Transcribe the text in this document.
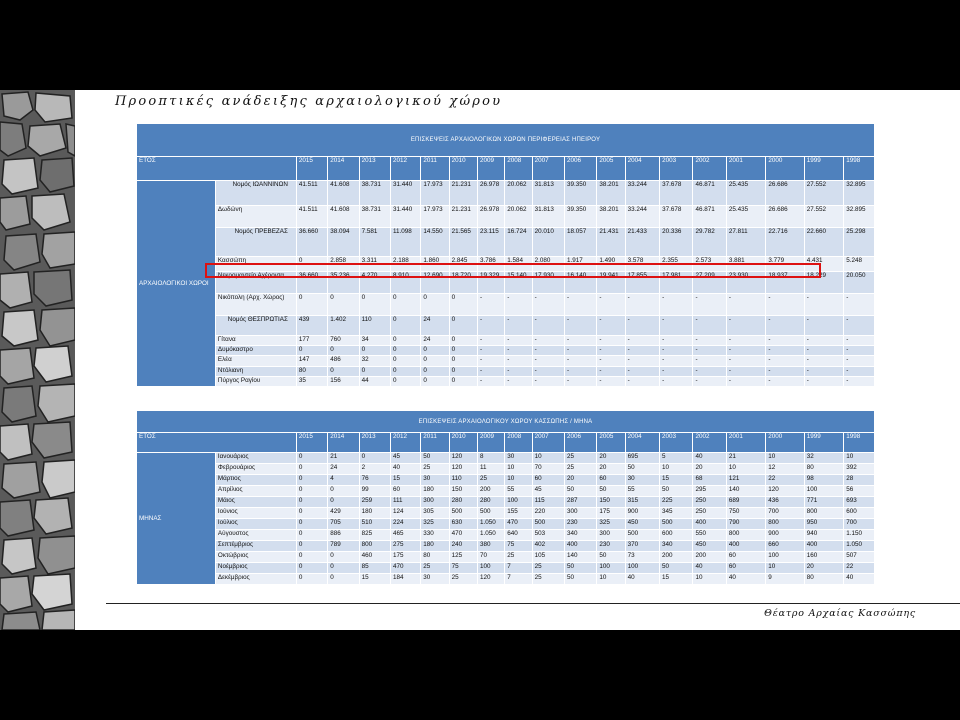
Προοπτικές ανάδειξης αρχαιολογικού χώρου
ΕΠΙΣΚΕΨΕΙΣ ΑΡΧΑΙΟΛΟΓΙΚΩΝ ΧΩΡΩΝ ΠΕΡΙΦΕΡΕΙΑΣ ΗΠΕΙΡΟΥ																			
ΕΤΟΣ		2015	2014	2013	2012	2011	2010	2009	2008	2007	2006	2005	2004	2003	2002	2001	2000	1999	1998
ΑΡΧΑΙΟΛΟΓΙΚΟΙ ΧΩΡΟΙ	Νομός ΙΩΑΝΝΙΝΩΝ	41.511	41.608	38.731	31.440	17.973	21.231	26.978	20.062	31.813	39.350	38.201	33.244	37.678	46.871	25.435	26.686	27.552	32.895
	Δωδώνη	41.511	41.608	38.731	31.440	17.973	21.231	26.978	20.062	31.813	39.350	38.201	33.244	37.678	46.871	25.435	26.686	27.552	32.895
	Νομός ΠΡΕΒΕΖΑΣ	36.660	38.094	7.581	11.098	14.550	21.565	23.115	16.724	20.010	18.057	21.431	21.433	20.336	29.782	27.811	22.716	22.660	25.298
	Κασσώπη	0	2.858	3.311	2.188	1.860	2.845	3.786	1.584	2.080	1.917	1.490	3.578	2.355	2.573	3.881	3.779	4.431	5.248
	Νεκρομαντείο Αχέροντα	36.660	35.236	4.270	8.910	12.690	18.720	19.329	15.140	17.930	16.140	19.941	17.855	17.981	27.209	23.930	18.937	18.229	20.050
	Νικόπολη (Αρχ. Χώρος)	0	0	0	0	0	0	-	-	-	-	-	-	-	-	-	-	-	-
	Νομός ΘΕΣΠΡΩΤΙΑΣ	439	1.402	110	0	24	0	-	-	-	-	-	-	-	-	-	-	-	-
	Γίτανα	177	760	34	0	24	0	-	-	-	-	-	-	-	-	-	-	-	-
	Δυμόκαστρο	0	0	0	0	0	0	-	-	-	-	-	-	-	-	-	-	-	-
	Ελέα	147	486	32	0	0	0	-	-	-	-	-	-	-	-	-	-	-	-
	Ντόλιανη	80	0	0	0	0	0	-	-	-	-	-	-	-	-	-	-	-	-
	Πύργος Ραγίου	35	156	44	0	0	0	-	-	-	-	-	-	-	-	-	-	-	-
ΕΠΙΣΚΕΨΕΙΣ ΑΡΧΑΙΟΛΟΓΙΚΟΥ ΧΩΡΟΥ ΚΑΣΣΩΠΗΣ / ΜΗΝΑ																			
ΕΤΟΣ		2015	2014	2013	2012	2011	2010	2009	2008	2007	2006	2005	2004	2003	2002	2001	2000	1999	1998
ΜΗΝΑΣ	Ιανουάριος	0	21	0	45	50	120	8	30	10	25	20	695	5	40	21	10	32	10
	Φεβρουάριος	0	24	2	40	25	120	11	10	70	25	20	50	10	20	10	12	80	392
	Μάρτιος	0	4	76	15	30	110	25	10	60	20	60	30	15	68	121	22	98	28
	Απρίλιος	0	0	99	60	180	150	200	55	45	50	50	55	50	295	140	120	100	56
	Μάιος	0	0	259	111	300	280	280	100	115	287	150	315	225	250	689	436	771	693
	Ιούνιος	0	429	180	124	305	500	500	155	220	300	175	900	345	250	750	700	800	600
	Ιούλιος	0	705	510	224	325	630	1.050	470	500	230	325	450	500	400	790	800	950	700
	Αύγουστος	0	886	825	465	330	470	1.050	640	503	340	300	500	600	550	800	900	940	1.150
	Σεπτέμβριος	0	789	800	275	180	240	380	75	402	400	230	370	340	450	400	660	400	1.050
	Οκτώβριος	0	0	460	175	80	125	70	25	105	140	50	73	200	200	60	100	160	507
	Νοέμβριος	0	0	85	470	25	75	100	7	25	50	100	100	50	40	60	10	20	22
	Δεκέμβριος	0	0	15	184	30	25	120	7	25	50	10	40	15	10	40	9	80	40
Θέατρο Αρχαίας Κασσώπης
